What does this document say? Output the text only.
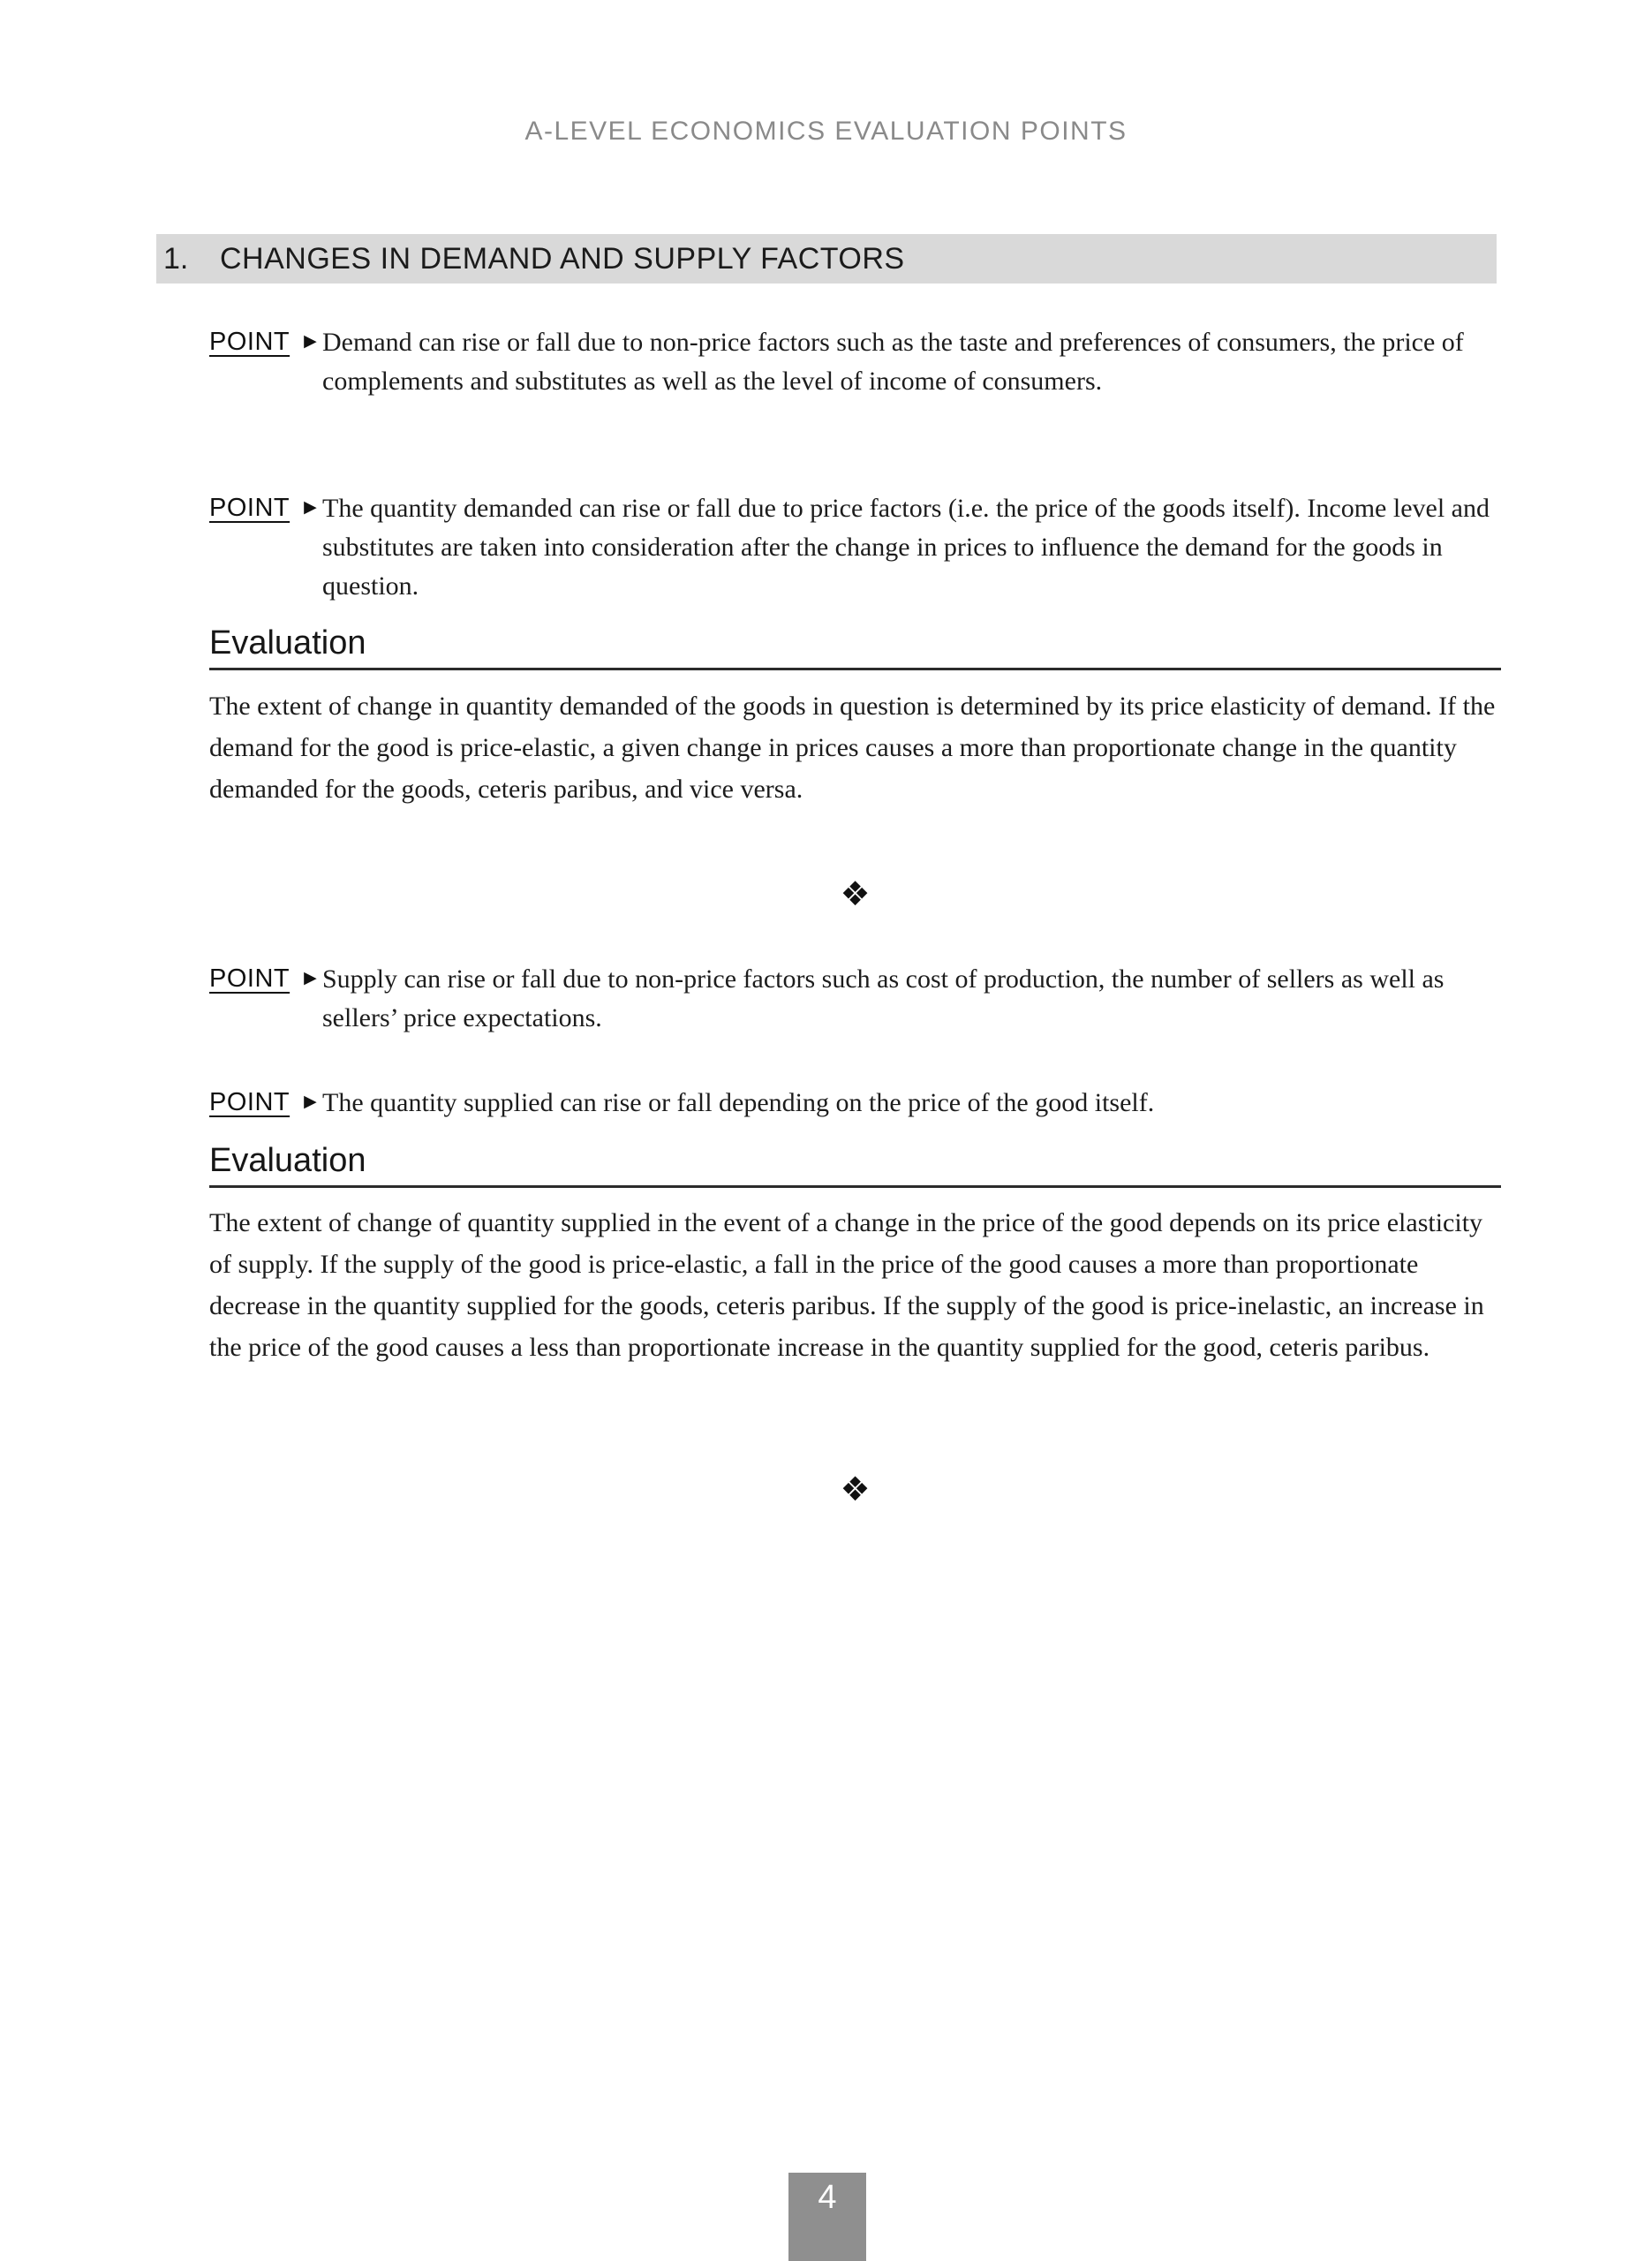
A-LEVEL ECONOMICS EVALUATION POINTS
1. CHANGES IN DEMAND AND SUPPLY FACTORS
POINT ▶ Demand can rise or fall due to non-price factors such as the taste and preferences of consumers, the price of complements and substitutes as well as the level of income of consumers.
POINT ▶ The quantity demanded can rise or fall due to price factors (i.e. the price of the goods itself). Income level and substitutes are taken into consideration after the change in prices to influence the demand for the goods in question.
Evaluation
The extent of change in quantity demanded of the goods in question is determined by its price elasticity of demand. If the demand for the good is price-elastic, a given change in prices causes a more than proportionate change in the quantity demanded for the goods, ceteris paribus, and vice versa.
❖
POINT ▶ Supply can rise or fall due to non-price factors such as cost of production, the number of sellers as well as sellers’ price expectations.
POINT ▶ The quantity supplied can rise or fall depending on the price of the good itself.
Evaluation
The extent of change of quantity supplied in the event of a change in the price of the good depends on its price elasticity of supply. If the supply of the good is price-elastic, a fall in the price of the good causes a more than proportionate decrease in the quantity supplied for the goods, ceteris paribus. If the supply of the good is price-inelastic, an increase in the price of the good causes a less than proportionate increase in the quantity supplied for the good, ceteris paribus.
❖
4
